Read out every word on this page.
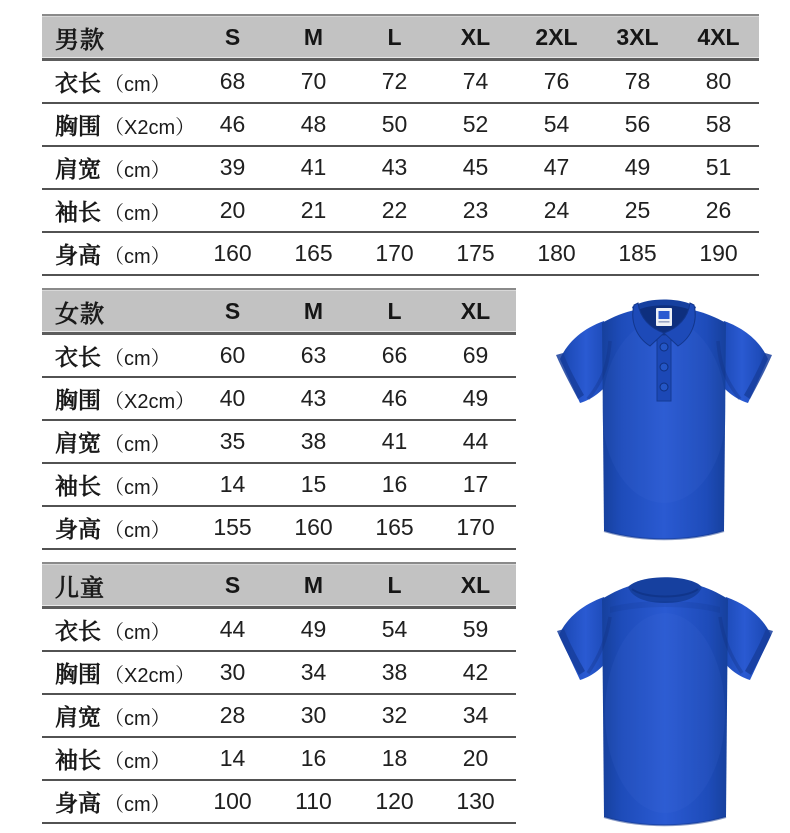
男款	S	M	L	XL	2XL	3XL	4XL
衣长 （cm）	68	70	72	74	76	78	80
胸围 （X2cm）	46	48	50	52	54	56	58
肩宽 （cm）	39	41	43	45	47	49	51
袖长 （cm）	20	21	22	23	24	25	26
身高 （cm）	160	165	170	175	180	185	190
女款	S	M	L	XL
衣长 （cm）	60	63	66	69
胸围 （X2cm）	40	43	46	49
肩宽 （cm）	35	38	41	44
袖长 （cm）	14	15	16	17
身高 （cm）	155	160	165	170
儿童	S	M	L	XL
衣长 （cm）	44	49	54	59
胸围 （X2cm）	30	34	38	42
肩宽 （cm）	28	30	32	34
袖长 （cm）	14	16	18	20
身高 （cm）	100	110	120	130
